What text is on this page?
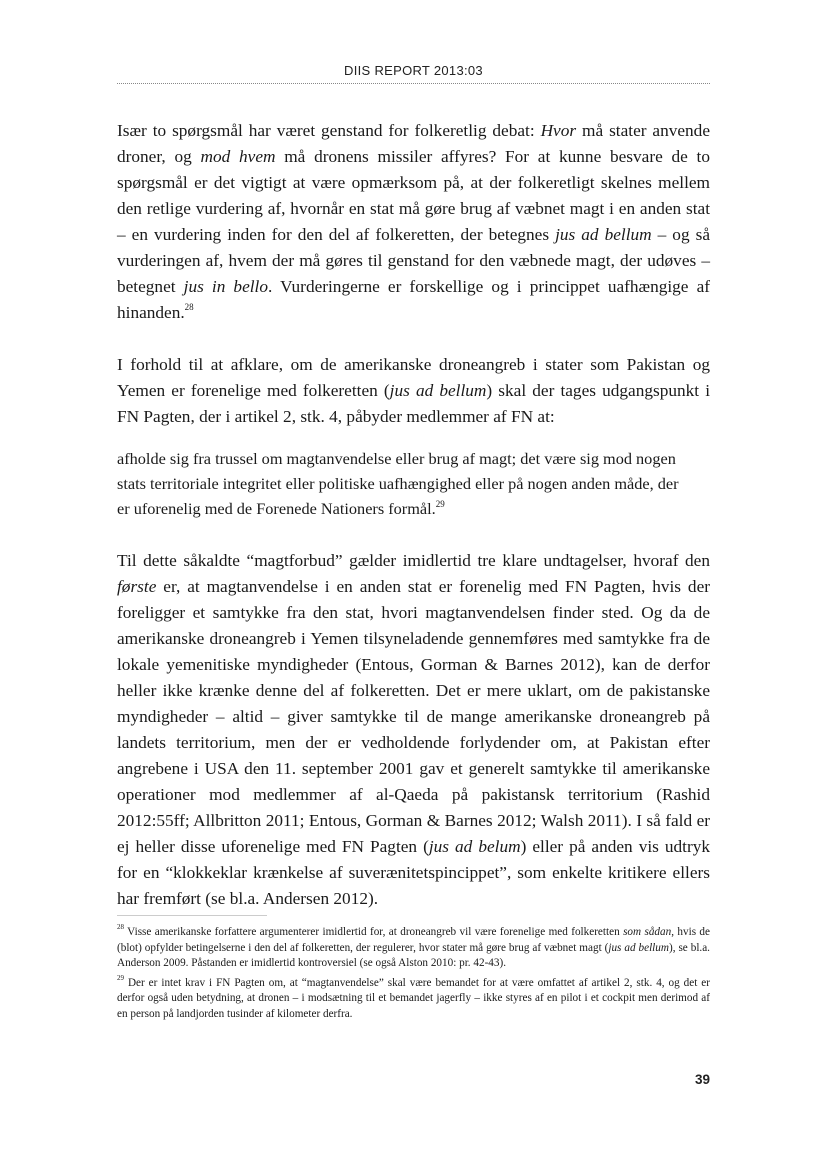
DIIS REPORT 2013:03

Især to spørgsmål har været genstand for folkeretlig debat: Hvor må stater anvende droner, og mod hvem må dronens missiler affyres? For at kunne besvare de to spørgsmål er det vigtigt at være opmærksom på, at der folkeretligt skelnes mellem den retlige vurdering af, hvornår en stat må gøre brug af væbnet magt i en anden stat – en vurdering inden for den del af folkeretten, der betegnes jus ad bellum – og så vurderingen af, hvem der må gøres til genstand for den væbnede magt, der udøves – betegnet jus in bello. Vurderingerne er forskellige og i princippet uafhængige af hinanden.$^{28}$

I forhold til at afklare, om de amerikanske droneangreb i stater som Pakistan og Yemen er forenelige med folkeretten (jus ad bellum) skal der tages udgangspunkt i FN Pagten, der i artikel 2, stk. 4, påbyder medlemmer af FN at:

afholde sig fra trussel om magtanvendelse eller brug af magt; det være sig mod nogen stats territoriale integritet eller politiske uafhængighed eller på nogen anden måde, der er uforenelig med de Forenede Nationers formål.$^{29}$

Til dette såkaldte “magtforbud” gælder imidlertid tre klare undtagelser, hvoraf den første er, at magtanvendelse i en anden stat er forenelig med FN Pagten, hvis der foreligger et samtykke fra den stat, hvori magtanvendelsen finder sted. Og da de amerikanske droneangreb i Yemen tilsyneladende gennemføres med samtykke fra de lokale yemenitiske myndigheder (Entous, Gorman & Barnes 2012), kan de derfor heller ikke krænke denne del af folkeretten. Det er mere uklart, om de pakistanske myndigheder – altid – giver samtykke til de mange amerikanske droneangreb på landets territorium, men der er vedholdende forlydender om, at Pakistan efter angrebene i USA den 11. september 2001 gav et generelt samtykke til amerikanske operationer mod medlemmer af al-Qaeda på pakistansk territorium (Rashid 2012:55ff; Allbritton 2011; Entous, Gorman & Barnes 2012; Walsh 2011). I så fald er ej heller disse uforenelige med FN Pagten (jus ad belum) eller på anden vis udtryk for en “klokkeklar krænkelse af suverænitetspincippet”, som enkelte kritikere ellers har fremført (se bl.a. Andersen 2012).

$^{28}$ Visse amerikanske forfattere argumenterer imidlertid for, at droneangreb vil være forenelige med folkeretten som sådan, hvis de (blot) opfylder betingelserne i den del af folkeretten, der regulerer, hvor stater må gøre brug af væbnet magt (jus ad bellum), se bl.a. Anderson 2009. Påstanden er imidlertid kontroversiel (se også Alston 2010: pr. 42-43).

$^{29}$ Der er intet krav i FN Pagten om, at “magtanvendelse” skal være bemandet for at være omfattet af artikel 2, stk. 4, og det er derfor også uden betydning, at dronen – i modsætning til et bemandet jagerfly – ikke styres af en pilot i et cockpit men derimod af en person på landjorden tusinder af kilometer derfra.

39
